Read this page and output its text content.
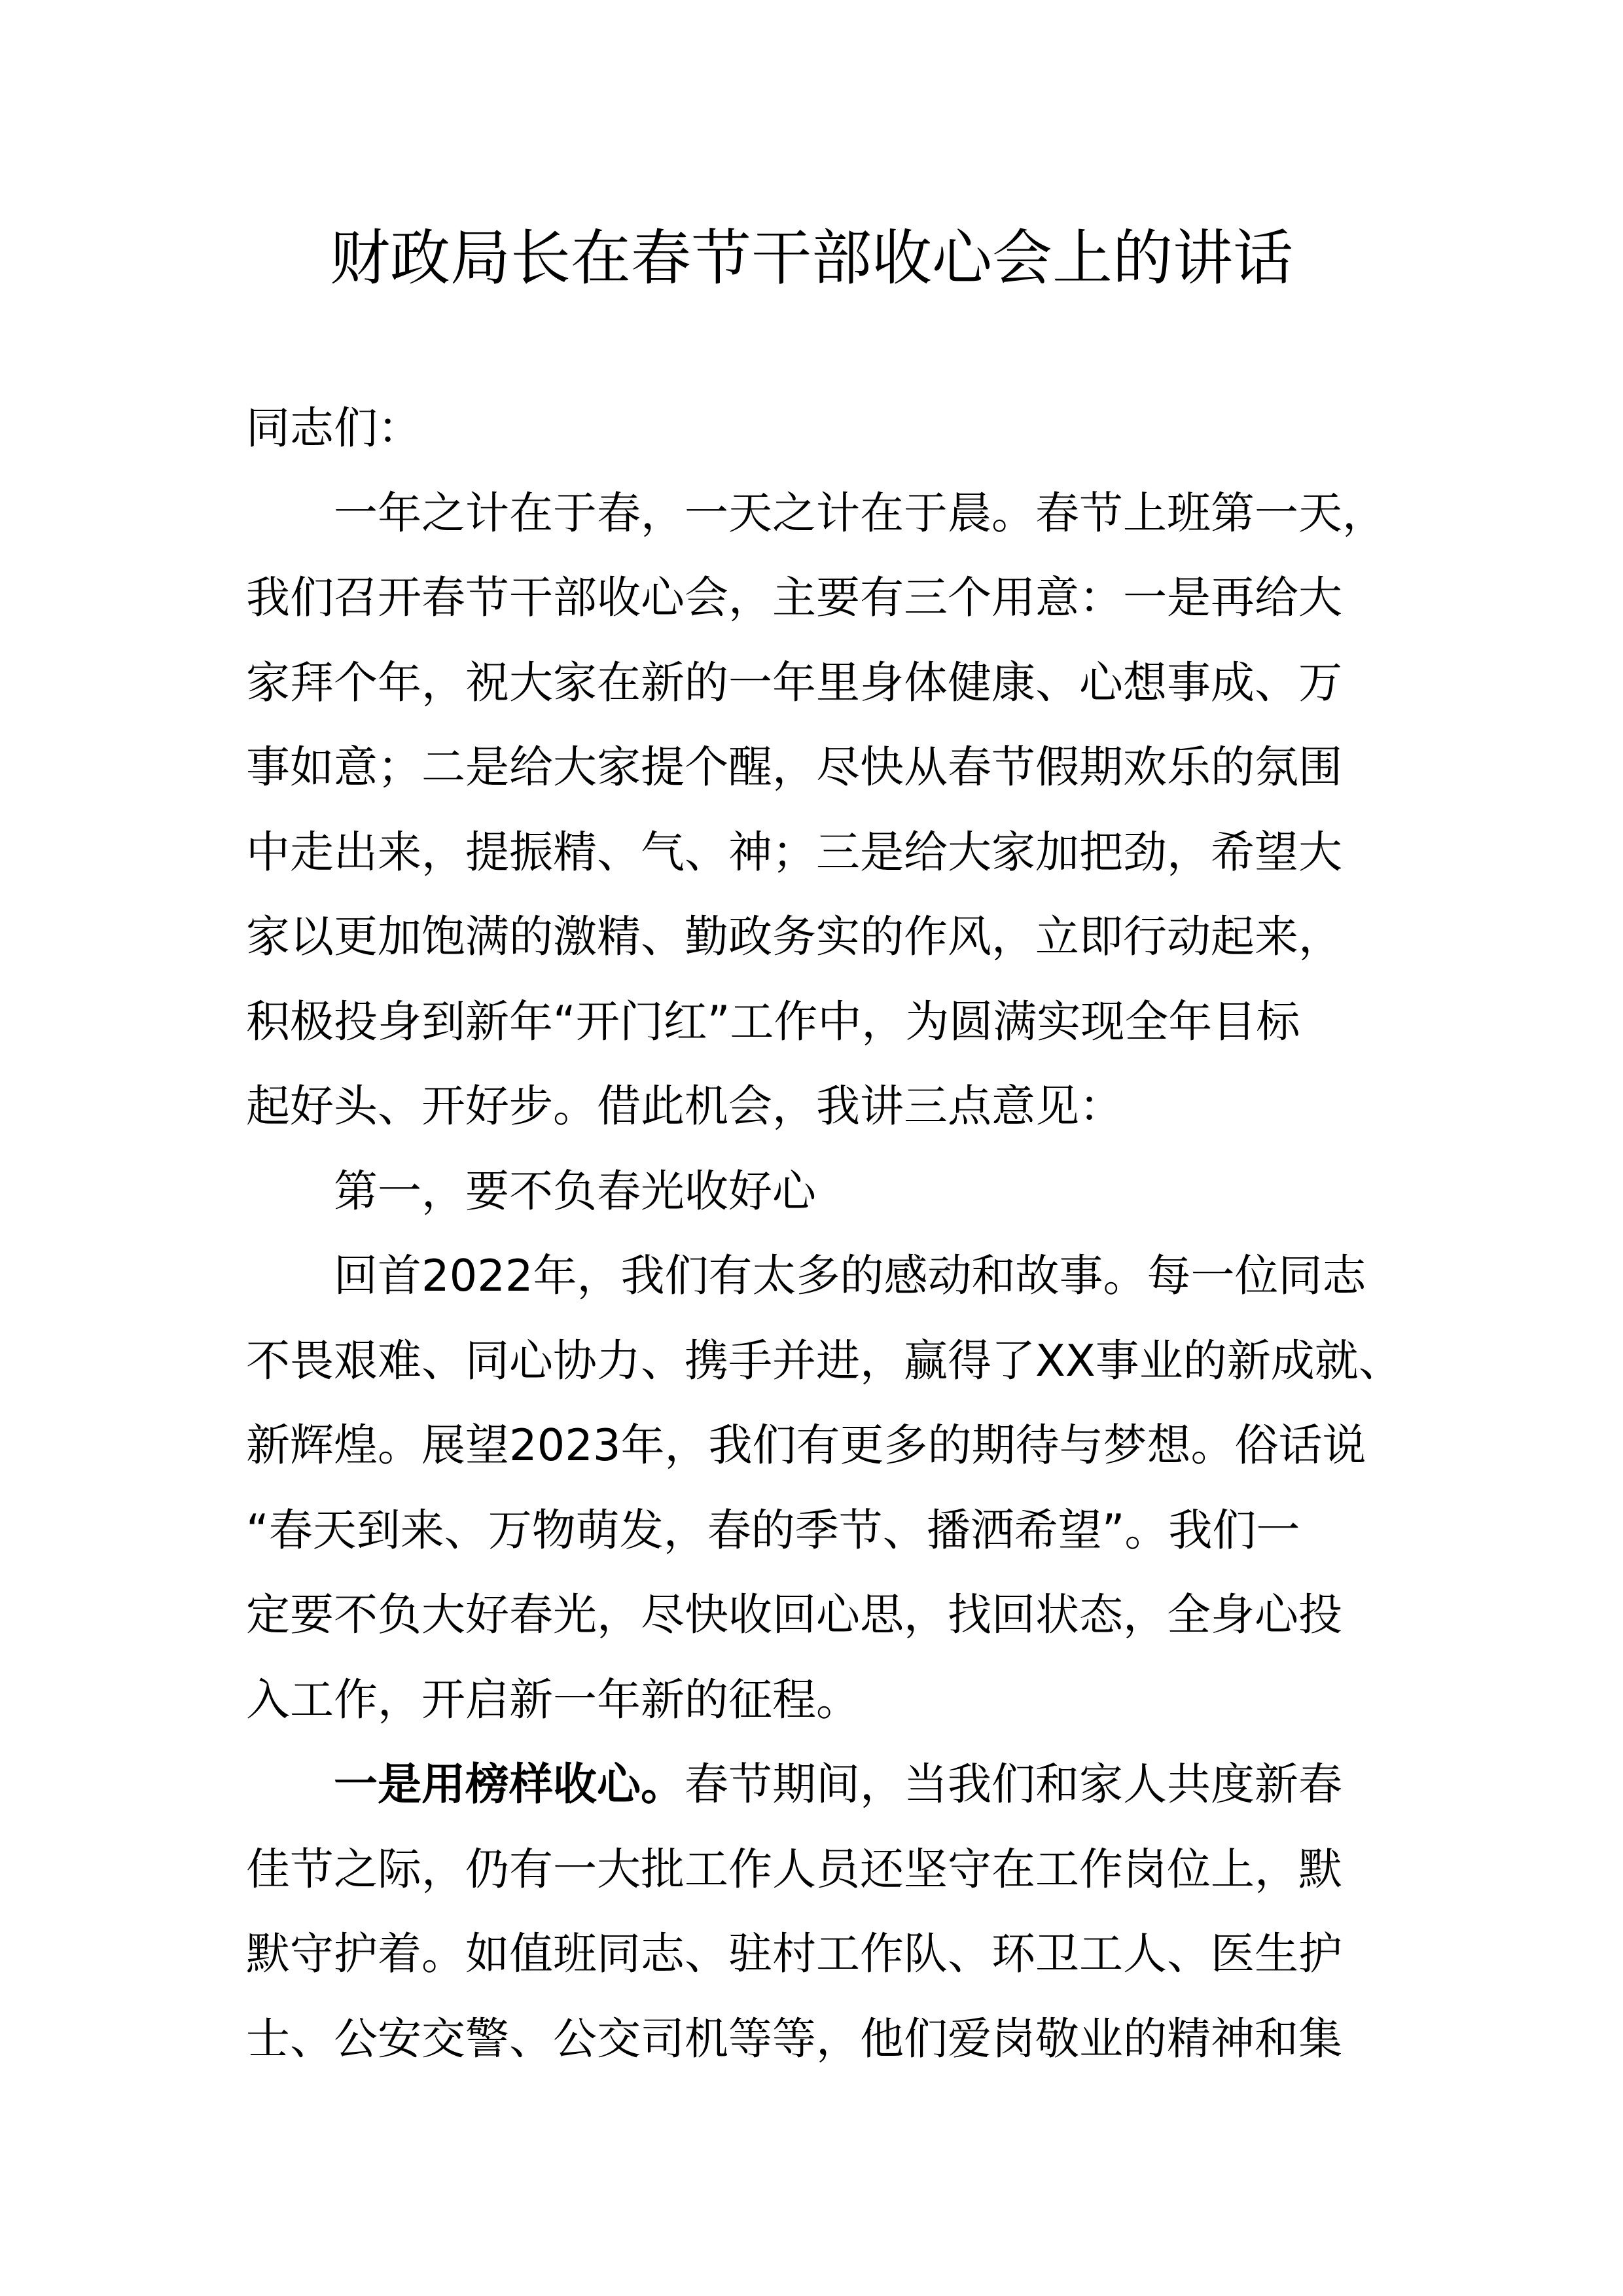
财政局长在春节干部收心会上的讲话
同志们：
一年之计在于春，一天之计在于晨。春节上班第一天，
我们召开春节干部收心会，主要有三个用意：一是再给大
家拜个年，祝大家在新的一年里身体健康、心想事成、万
事如意；二是给大家提个醒，尽快从春节假期欢乐的氛围
中走出来，提振精、气、神；三是给大家加把劲，希望大
家以更加饱满的激精、勤政务实的作风，立即行动起来，
积极投身到新年“开门红”工作中，为圆满实现全年目标
起好头、开好步。借此机会，我讲三点意见：
第一，要不负春光收好心
回首2022年，我们有太多的感动和故事。每一位同志
不畏艰难、同心协力、携手并进，赢得了XX事业的新成就、
新辉煌。展望2023年，我们有更多的期待与梦想。俗话说
“春天到来、万物萌发，春的季节、播洒希望”。我们一
定要不负大好春光，尽快收回心思，找回状态，全身心投
入工作，开启新一年新的征程。
一是用榜样收心。春节期间，当我们和家人共度新春
佳节之际，仍有一大批工作人员还坚守在工作岗位上，默
默守护着。如值班同志、驻村工作队、环卫工人、医生护
士、公安交警、公交司机等等，他们爱岗敬业的精神和集
